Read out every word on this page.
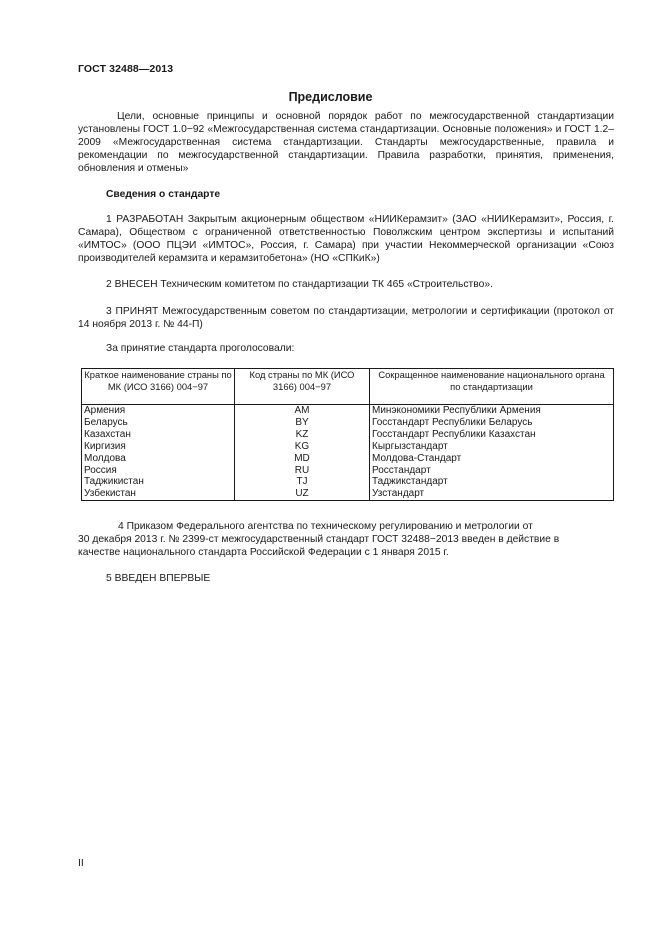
ГОСТ 32488—2013
Предисловие
Цели, основные принципы и основной порядок работ по межгосударственной стандартизации установлены ГОСТ 1.0−92 «Межгосударственная система стандартизации. Основные положения» и ГОСТ 1.2–2009 «Межгосударственная система стандартизации. Стандарты межгосударственные, правила и рекомендации по межгосударственной стандартизации. Правила разработки, принятия, применения, обновления и отмены»
Сведения о стандарте
1 РАЗРАБОТАН Закрытым акционерным обществом «НИИКерамзит» (ЗАО «НИИКерамзит», Россия, г. Самара), Обществом с ограниченной ответственностью Поволжским центром экспертизы и испытаний «ИМТОС» (ООО ПЦЭИ «ИМТОС», Россия, г. Самара) при участии Некоммерческой организации «Союз производителей керамзита и керамзитобетона» (НО «СПКиК»)
2 ВНЕСЕН Техническим комитетом по стандартизации ТК 465 «Строительство».
3 ПРИНЯТ Межгосударственным советом по стандартизации, метрологии и сертификации (протокол от 14 ноября 2013 г. № 44-П)
За принятие стандарта проголосовали:
Краткое наименование страны по МК (ИСО 3166) 004−97	Код страны по МК (ИСО 3166) 004−97	Сокращенное наименование национального органа по стандартизации
Армения	AM	Минэкономики Республики Армения
Беларусь	BY	Госстандарт Республики Беларусь
Казахстан	KZ	Госстандарт Республики Казахстан
Киргизия	KG	Кыргызстандарт
Молдова	MD	Молдова-Стандарт
Россия	RU	Росстандарт
Таджикистан	TJ	Таджикстандарт
Узбекистан	UZ	Узстандарт
4 Приказом Федерального агентства по техническому регулированию и метрологии от
30 декабря 2013 г. № 2399-ст межгосударственный стандарт ГОСТ 32488−2013 введен в действие в
качестве национального стандарта Российской Федерации с 1 января 2015 г.
5 ВВЕДЕН ВПЕРВЫЕ
II
